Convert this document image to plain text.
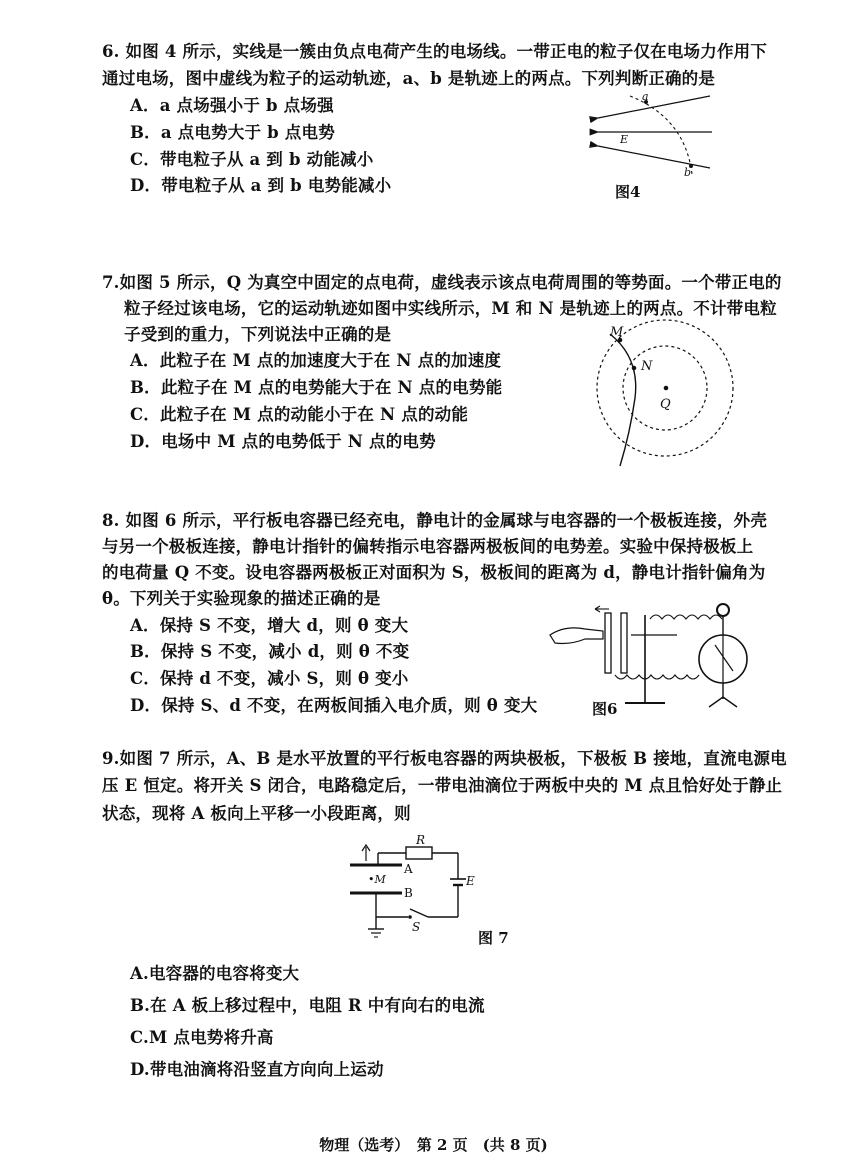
6. 如图 4 所示，实线是一簇由负点电荷产生的电场线。一带正电的粒子仅在电场力作用下
通过电场，图中虚线为粒子的运动轨迹，a、b 是轨迹上的两点。下列判断正确的是
A．a 点场强小于 b 点场强
B．a 点电势大于 b 点电势
C．带电粒子从 a 到 b 动能减小
D．带电粒子从 a 到 b 电势能减小
a
b
E
图4
7.如图 5 所示，Q 为真空中固定的点电荷，虚线表示该点电荷周围的等势面。一个带正电的
粒子经过该电场，它的运动轨迹如图中实线所示，M 和 N 是轨迹上的两点。不计带电粒
子受到的重力，下列说法中正确的是
A．此粒子在 M 点的加速度大于在 N 点的加速度
B．此粒子在 M 点的电势能大于在 N 点的电势能
C．此粒子在 M 点的动能小于在 N 点的动能
D．电场中 M 点的电势低于 N 点的电势
M
N
Q
8. 如图 6 所示，平行板电容器已经充电，静电计的金属球与电容器的一个极板连接，外壳
与另一个极板连接，静电计指针的偏转指示电容器两极板间的电势差。实验中保持极板上
的电荷量 Q 不变。设电容器两极板正对面积为 S，极板间的距离为 d，静电计指针偏角为
θ。下列关于实验现象的描述正确的是
A．保持 S 不变，增大 d，则 θ 变大
B．保持 S 不变，减小 d，则 θ 不变
C．保持 d 不变，减小 S，则 θ 变小
D．保持 S、d 不变，在两板间插入电介质，则 θ 变大	图6
9.如图 7 所示，A、B 是水平放置的平行板电容器的两块极板，下极板 B 接地，直流电源电
压 E 恒定。将开关 S 闭合，电路稳定后，一带电油滴位于两板中央的 M 点且恰好处于静止
状态，现将 A 板向上平移一小段距离，则
R
A
•M
B
E
S
图 7
A.电容器的电容将变大
B.在 A 板上移过程中，电阻 R 中有向右的电流
C.M 点电势将升高
D.带电油滴将沿竖直方向向上运动
物理（选考）　第 2 页　(共 8 页)
